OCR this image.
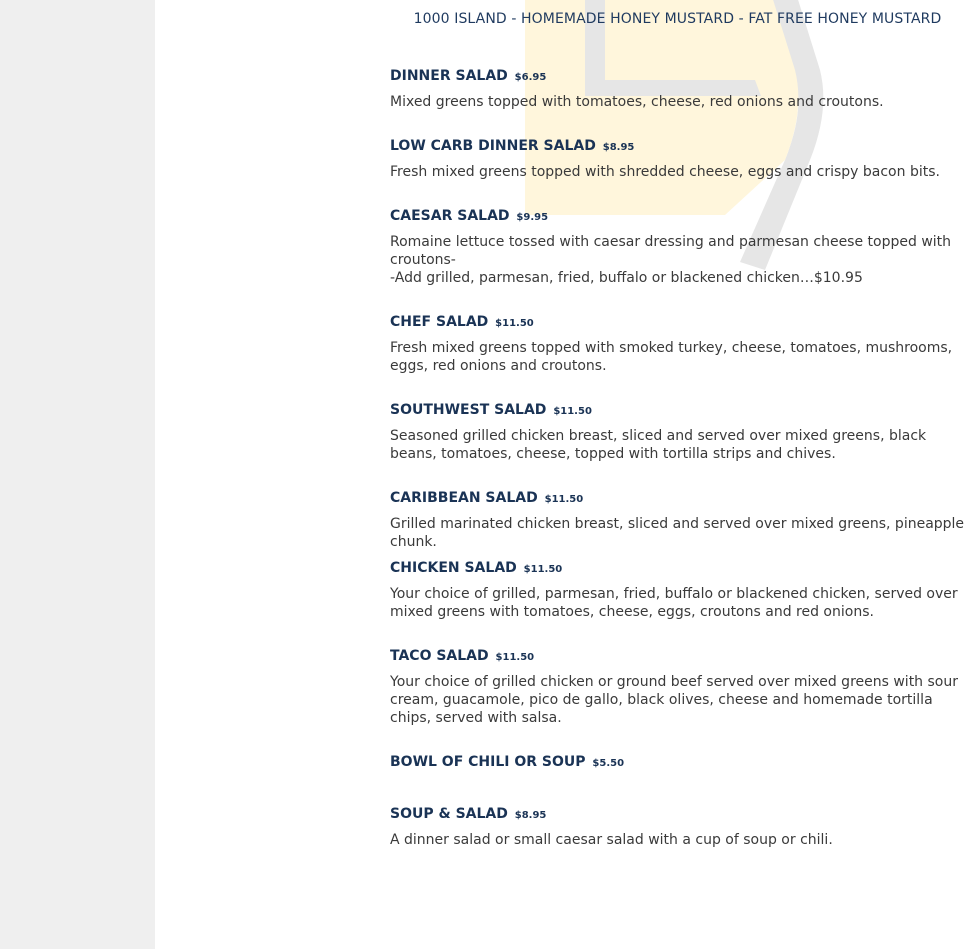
1000 ISLAND - HOMEMADE HONEY MUSTARD - FAT FREE HONEY MUSTARD
DINNER SALAD $6.95
Mixed greens topped with tomatoes, cheese, red onions and croutons.
LOW CARB DINNER SALAD $8.95
Fresh mixed greens topped with shredded cheese, eggs and crispy bacon bits.
CAESAR SALAD $9.95
Romaine lettuce tossed with caesar dressing and parmesan cheese topped with croutons-
-Add grilled, parmesan, fried, buffalo or blackened chicken…$10.95
CHEF SALAD $11.50
Fresh mixed greens topped with smoked turkey, cheese, tomatoes, mushrooms, eggs, red onions and croutons.
SOUTHWEST SALAD $11.50
Seasoned grilled chicken breast, sliced and served over mixed greens, black beans, tomatoes, cheese, topped with tortilla strips and chives.
CARIBBEAN SALAD $11.50
Grilled marinated chicken breast, sliced and served over mixed greens, pineapple chunk.
CHICKEN SALAD $11.50
Your choice of grilled, parmesan, fried, buffalo or blackened chicken, served over mixed greens with tomatoes, cheese, eggs, croutons and red onions.
TACO SALAD $11.50
Your choice of grilled chicken or ground beef served over mixed greens with sour cream, guacamole, pico de gallo, black olives, cheese and homemade tortilla chips, served with salsa.
BOWL OF CHILI OR SOUP $5.50
SOUP & SALAD $8.95
A dinner salad or small caesar salad with a cup of soup or chili.
